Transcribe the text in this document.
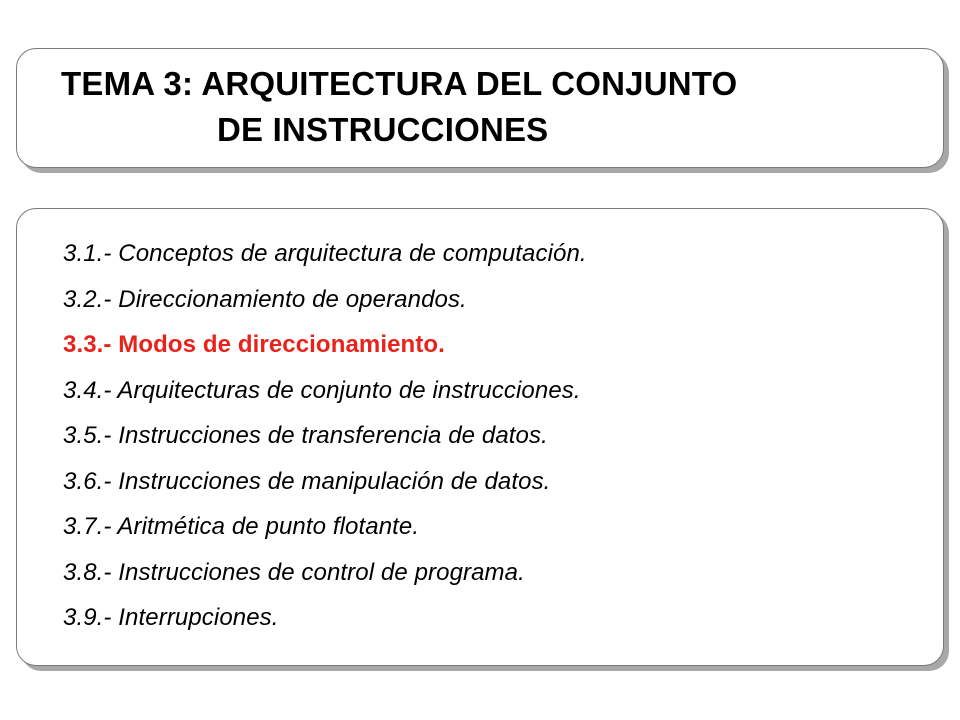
TEMA 3: ARQUITECTURA DEL CONJUNTO
DE INSTRUCCIONES
3.1.- Conceptos de arquitectura de computación.
3.2.- Direccionamiento de operandos.
3.3.- Modos de direccionamiento.
3.4.- Arquitecturas de conjunto de instrucciones.
3.5.- Instrucciones de transferencia de datos.
3.6.- Instrucciones de manipulación de datos.
3.7.- Aritmética de punto flotante.
3.8.- Instrucciones de control de programa.
3.9.- Interrupciones.
